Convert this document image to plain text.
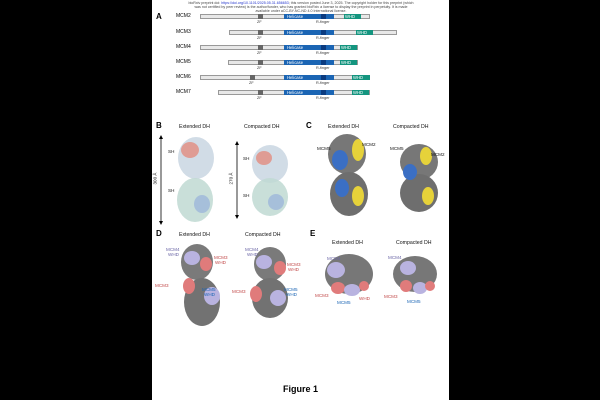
bioRxiv preprint doi: https://doi.org/10.1101/2025.05.31.656653; this version posted June 3, 2025. The copyright holder for this preprint (which
was not certified by peer review) is the author/funder, who has granted bioRxiv a license to display the preprint in perpetuity. It is made
available under aCC-BY-NC-ND 4.0 International license.
A	MCM2	Helicase	WHD
ZF	R-finger
MCM3	Helicase	WHD
ZF	R-finger
MCM4	Helicase	WHD
ZF	R-finger
MCM5	Helicase	WHD
ZF	R-finger
MCM6	Helicase	WHD
ZF	R-finger
MCM7	Helicase	WHD
ZF	R-finger
B	Extended DH	Compacted DH
300 Å	270 Å
SH
SH
SH
SH
C	Extended DH	Compacted DH
MCM5
MCM2
MCM5
MCM2
D	Extended DH	Compacted DH
MCM4
WHD
MCM3
WHD
MCM3
MCM5
WHD
MCM4
WHD
MCM3
WHD
MCM3	MCM5
WHD
E
Extended DH	Compacted DH
MCM4
MCM3
WHD
MCM5
MCM4
MCM3
MCM5
Figure 1
